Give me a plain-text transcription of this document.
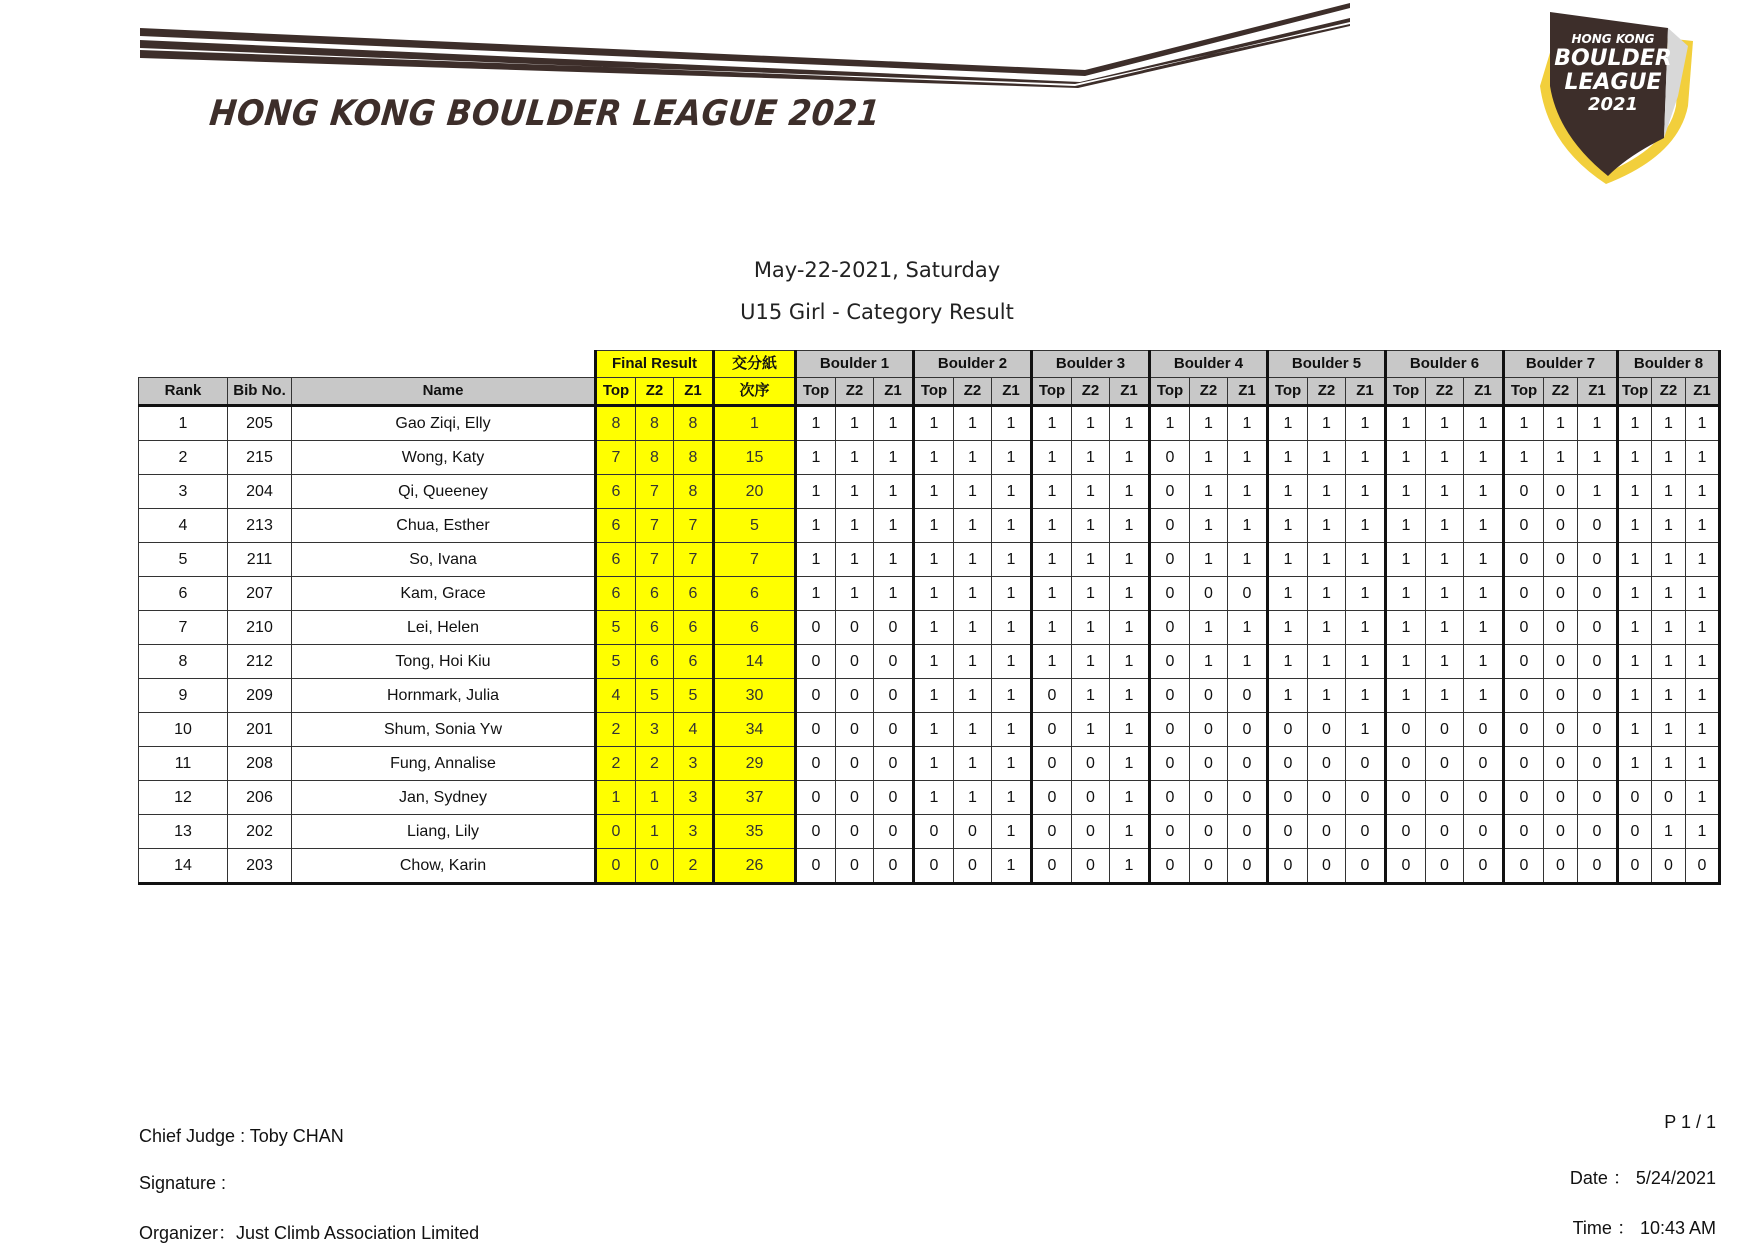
HONG KONG BOULDER LEAGUE 2021
HONG KONG
BOULDER
LEAGUE
2021
May-22-2021, Saturday
U15 Girl - Category Result
			Final Result			交分紙	Boulder 1			Boulder 2			Boulder 3			Boulder 4			Boulder 5			Boulder 6			Boulder 7			Boulder 8		
Rank	Bib No.	Name	Top	Z2	Z1	次序	Top	Z2	Z1	Top	Z2	Z1	Top	Z2	Z1	Top	Z2	Z1	Top	Z2	Z1	Top	Z2	Z1	Top	Z2	Z1	Top	Z2	Z1
1	205	Gao Ziqi, Elly	8	8	8	1	1	1	1	1	1	1	1	1	1	1	1	1	1	1	1	1	1	1	1	1	1	1	1	1
2	215	Wong, Katy	7	8	8	15	1	1	1	1	1	1	1	1	1	0	1	1	1	1	1	1	1	1	1	1	1	1	1	1
3	204	Qi, Queeney	6	7	8	20	1	1	1	1	1	1	1	1	1	0	1	1	1	1	1	1	1	1	0	0	1	1	1	1
4	213	Chua, Esther	6	7	7	5	1	1	1	1	1	1	1	1	1	0	1	1	1	1	1	1	1	1	0	0	0	1	1	1
5	211	So, Ivana	6	7	7	7	1	1	1	1	1	1	1	1	1	0	1	1	1	1	1	1	1	1	0	0	0	1	1	1
6	207	Kam, Grace	6	6	6	6	1	1	1	1	1	1	1	1	1	0	0	0	1	1	1	1	1	1	0	0	0	1	1	1
7	210	Lei, Helen	5	6	6	6	0	0	0	1	1	1	1	1	1	0	1	1	1	1	1	1	1	1	0	0	0	1	1	1
8	212	Tong, Hoi Kiu	5	6	6	14	0	0	0	1	1	1	1	1	1	0	1	1	1	1	1	1	1	1	0	0	0	1	1	1
9	209	Hornmark, Julia	4	5	5	30	0	0	0	1	1	1	0	1	1	0	0	0	1	1	1	1	1	1	0	0	0	1	1	1
10	201	Shum, Sonia Yw	2	3	4	34	0	0	0	1	1	1	0	1	1	0	0	0	0	0	1	0	0	0	0	0	0	1	1	1
11	208	Fung, Annalise	2	2	3	29	0	0	0	1	1	1	0	0	1	0	0	0	0	0	0	0	0	0	0	0	0	1	1	1
12	206	Jan, Sydney	1	1	3	37	0	0	0	1	1	1	0	0	1	0	0	0	0	0	0	0	0	0	0	0	0	0	0	1
13	202	Liang, Lily	0	1	3	35	0	0	0	0	0	1	0	0	1	0	0	0	0	0	0	0	0	0	0	0	0	0	1	1
14	203	Chow, Karin	0	0	2	26	0	0	0	0	0	1	0	0	1	0	0	0	0	0	0	0	0	0	0	0	0	0	0	0
Chief Judge : Toby CHAN
Signature :
Organizer：Just Climb Association Limited
P 1 / 1
Date ： 5/24/2021
Time ： 10:43 AM
